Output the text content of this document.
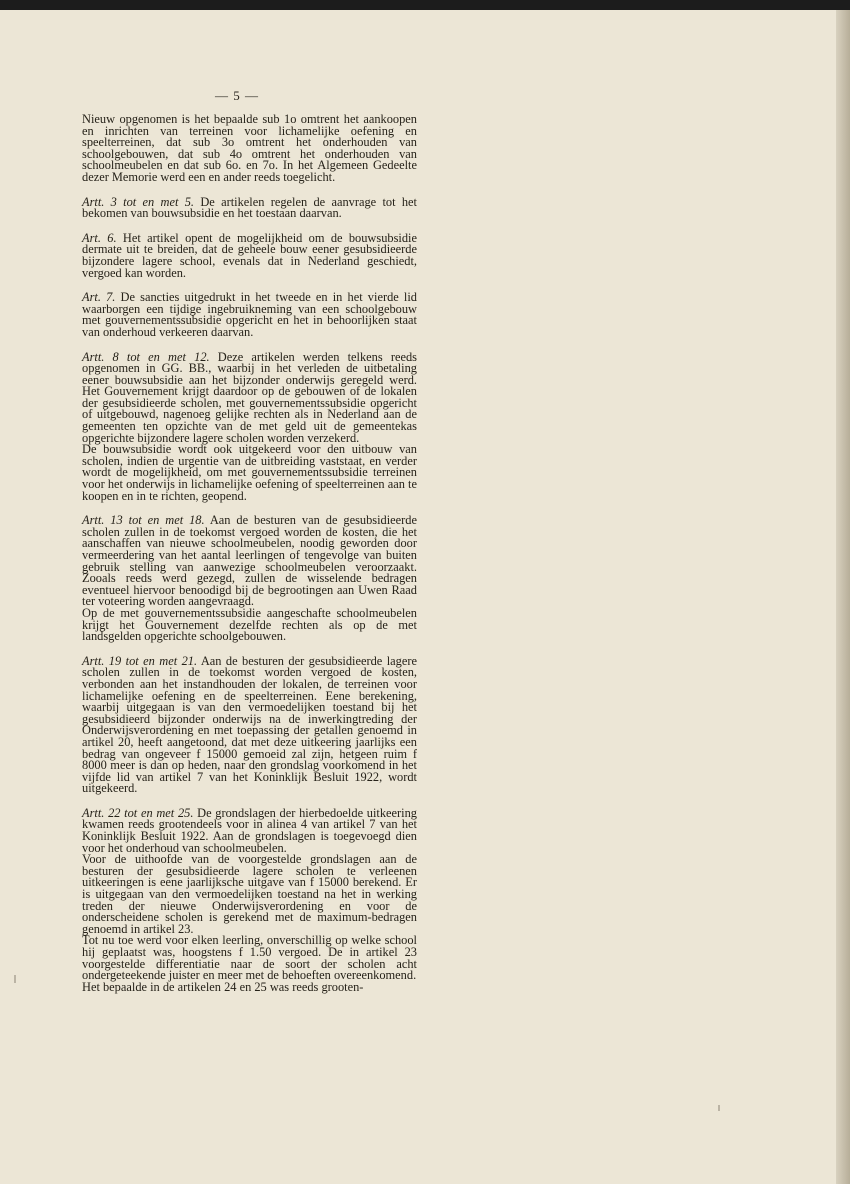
— 5 —

Nieuw opgenomen is het bepaalde sub 1o omtrent het aankoopen en inrichten van terreinen voor lichamelijke oefening en speelterreinen, dat sub 3o omtrent het onderhouden van schoolgebouwen, dat sub 4o omtrent het onderhouden van schoolmeubelen en dat sub 6o. en 7o. In het Algemeen Gedeelte dezer Memorie werd een en ander reeds toegelicht.

Artt. 3 tot en met 5. De artikelen regelen de aanvrage tot het bekomen van bouwsubsidie en het toestaan daarvan.

Art. 6. Het artikel opent de mogelijkheid om de bouwsubsidie dermate uit te breiden, dat de geheele bouw eener gesubsidieerde bijzondere lagere school, evenals dat in Nederland geschiedt, vergoed kan worden.

Art. 7. De sancties uitgedrukt in het tweede en in het vierde lid waarborgen een tijdige ingebruikneming van een schoolgebouw met gouvernementssubsidie opgericht en het in behoorlijken staat van onderhoud verkeeren daarvan.

Artt. 8 tot en met 12. Deze artikelen werden telkens reeds opgenomen in GG. BB., waarbij in het verleden de uitbetaling eener bouwsubsidie aan het bijzonder onderwijs geregeld werd. Het Gouvernement krijgt daardoor op de gebouwen of de lokalen der gesubsidieerde scholen, met gouvernementssubsidie opgericht of uitgebouwd, nagenoeg gelijke rechten als in Nederland aan de gemeenten ten opzichte van de met geld uit de gemeentekas opgerichte bijzondere lagere scholen worden verzekerd.

De bouwsubsidie wordt ook uitgekeerd voor den uitbouw van scholen, indien de urgentie van de uitbreiding vaststaat, en verder wordt de mogelijkheid, om met gouvernementssubsidie terreinen voor het onderwijs in lichamelijke oefening of speelterreinen aan te koopen en in te richten, geopend.

Artt. 13 tot en met 18. Aan de besturen van de gesubsidieerde scholen zullen in de toekomst vergoed worden de kosten, die het aanschaffen van nieuwe schoolmeubelen, noodig geworden door vermeerdering van het aantal leerlingen of tengevolge van buiten gebruik stelling van aanwezige schoolmeubelen veroorzaakt. Zooals reeds werd gezegd, zullen de wisselende bedragen eventueel hiervoor benoodigd bij de begrootingen aan Uwen Raad ter voteering worden aangevraagd.

Op de met gouvernementssubsidie aangeschafte schoolmeubelen krijgt het Gouvernement dezelfde rechten als op de met landsgelden opgerichte schoolgebouwen.

Artt. 19 tot en met 21. Aan de besturen der gesubsidieerde lagere scholen zullen in de toekomst worden vergoed de kosten, verbonden aan het instandhouden der lokalen, de terreinen voor lichamelijke oefening en de speelterreinen. Eene berekening, waarbij uitgegaan is van den vermoedelijken toestand bij het gesubsidieerd bijzonder onderwijs na de inwerkingtreding der Onderwijsverordening en met toepassing der getallen genoemd in artikel 20, heeft aangetoond, dat met deze uitkeering jaarlijks een bedrag van ongeveer f 15000 gemoeid zal zijn, hetgeen ruim f 8000 meer is dan op heden, naar den grondslag voorkomend in het vijfde lid van artikel 7 van het Koninklijk Besluit 1922, wordt uitgekeerd.

Artt. 22 tot en met 25. De grondslagen der hierbedoelde uitkeering kwamen reeds grootendeels voor in alinea 4 van artikel 7 van het Koninklijk Besluit 1922. Aan de grondslagen is toegevoegd dien voor het onderhoud van schoolmeubelen.

Voor de uithoofde van de voorgestelde grondslagen aan de besturen der gesubsidieerde lagere scholen te verleenen uitkeeringen is eene jaarlijksche uitgave van f 15000 berekend. Er is uitgegaan van den vermoedelijken toestand na het in werking treden der nieuwe Onderwijsverordening en voor de onderscheidene scholen is gerekend met de maximum-bedragen genoemd in artikel 23.

Tot nu toe werd voor elken leerling, onverschillig op welke school hij geplaatst was, hoogstens f 1.50 vergoed. De in artikel 23 voorgestelde differentiatie naar de soort der scholen acht ondergeteekende juister en meer met de behoeften overeenkomend.

Het bepaalde in de artikelen 24 en 25 was reeds grooten-
